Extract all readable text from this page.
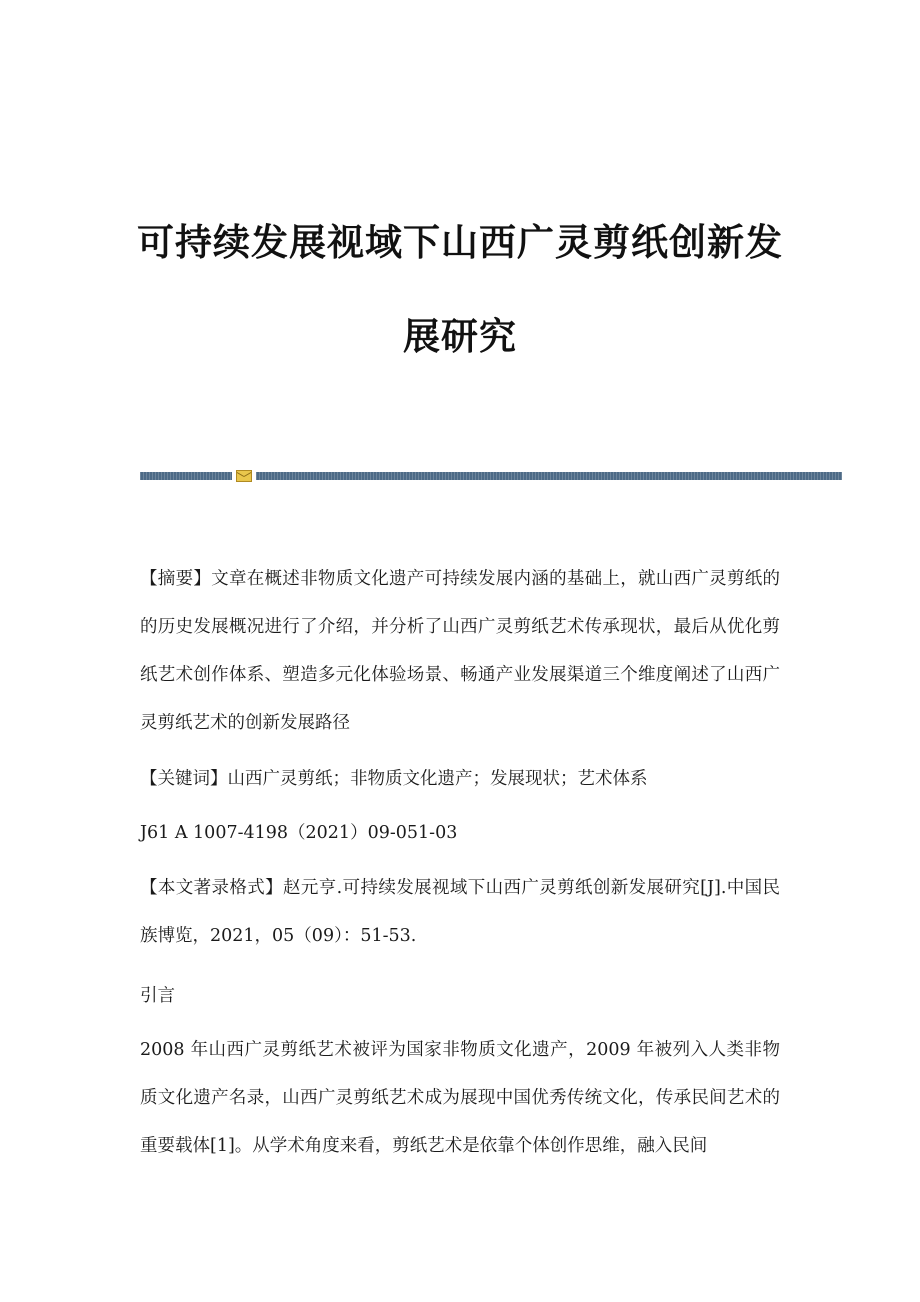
可持续发展视域下山西广灵剪纸创新发
展研究

【摘要】文章在概述非物质文化遗产可持续发展内涵的基础上，就山西广灵剪纸的的历史发展概况进行了介绍，并分析了山西广灵剪纸艺术传承现状，最后从优化剪纸艺术创作体系、塑造多元化体验场景、畅通产业发展渠道三个维度阐述了山西广灵剪纸艺术的创新发展路径

【关键词】山西广灵剪纸；非物质文化遗产；发展现状；艺术体系

J61 A 1007-4198（2021）09-051-03

【本文著录格式】赵元亨.可持续发展视域下山西广灵剪纸创新发展研究[J].中国民族博览，2021，05（09）：51-53.

引言

2008 年山西广灵剪纸艺术被评为国家非物质文化遗产，2009 年被列入人类非物质文化遗产名录，山西广灵剪纸艺术成为展现中国优秀传统文化，传承民间艺术的重要载体[1]。从学术角度来看，剪纸艺术是依靠个体创作思维，融入民间
